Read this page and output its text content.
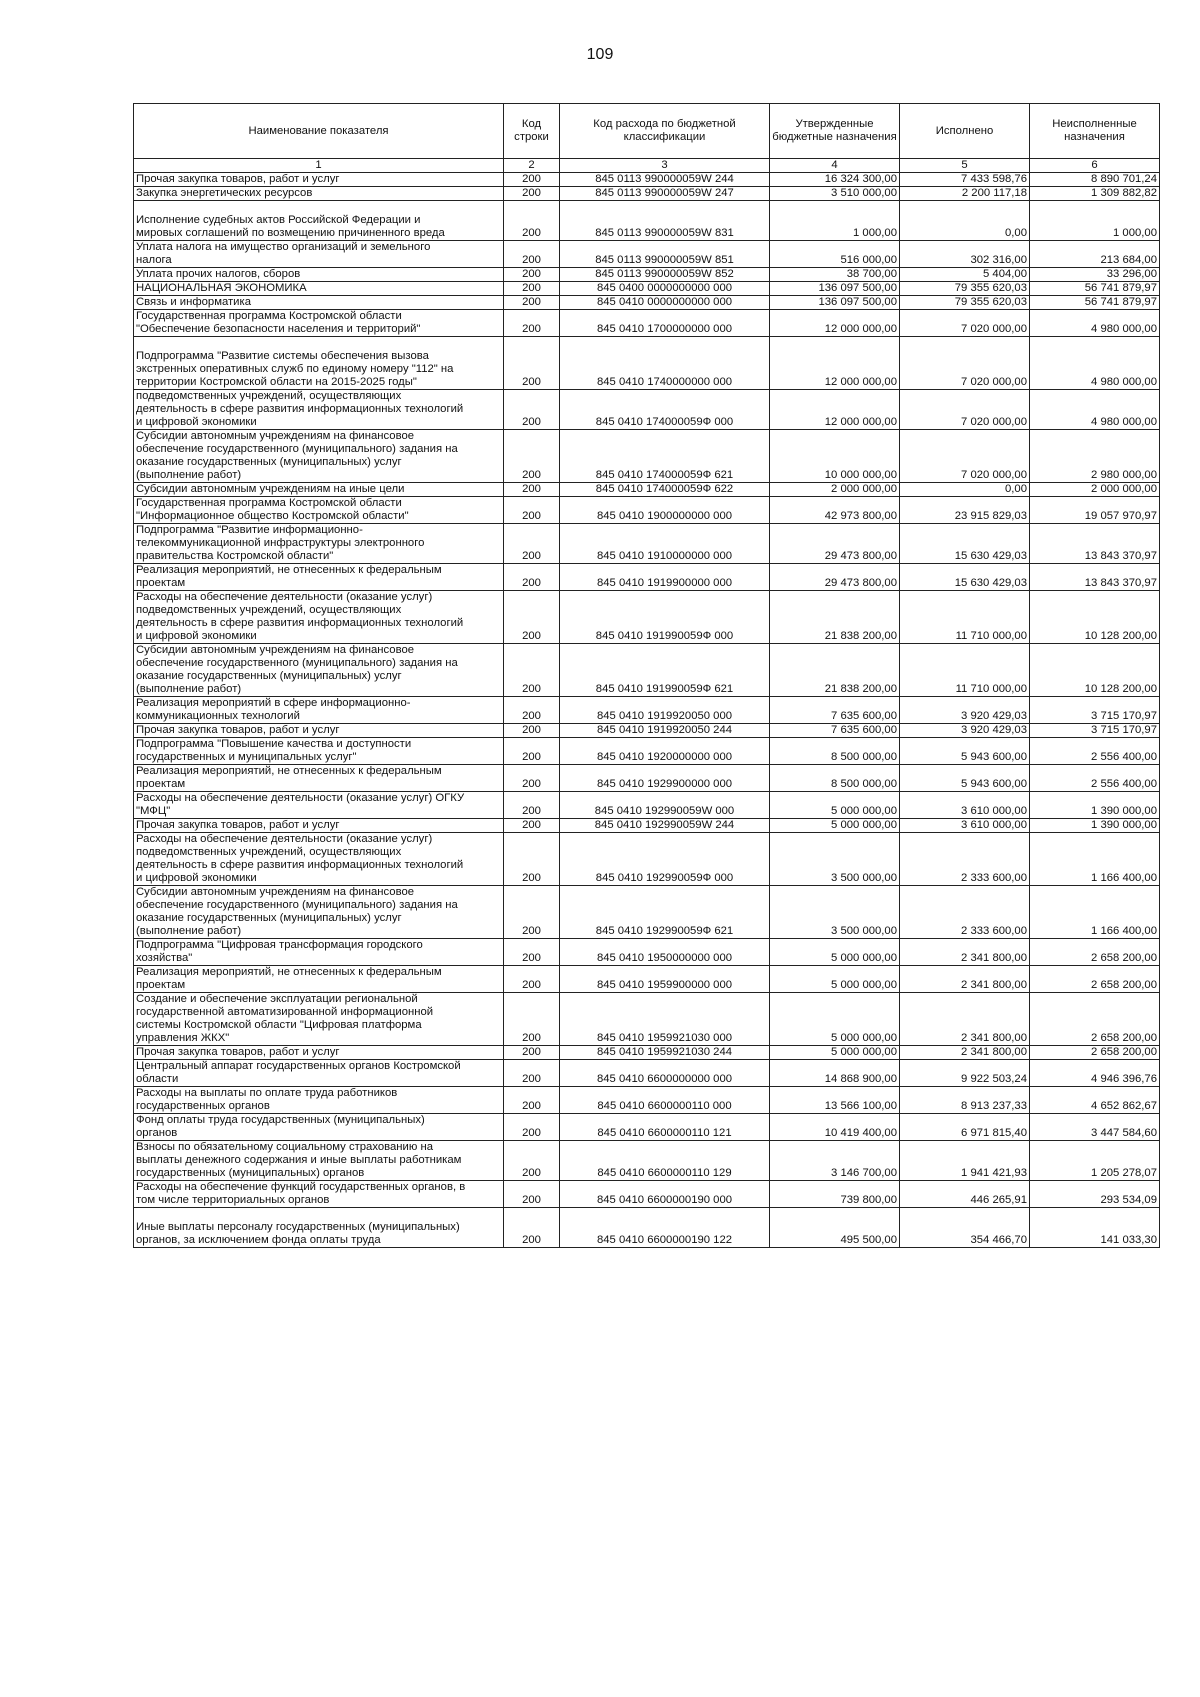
109
Наименование показателя	Код строки	Код расхода по бюджетной классификации	Утвержденные бюджетные назначения	Исполнено	Неисполненные назначения
1	2	3	4	5	6
Прочая закупка товаров, работ и услуг	200	845 0113 990000059W 244	16 324 300,00	7 433 598,76	8 890 701,24
Закупка энергетических ресурсов	200	845 0113 990000059W 247	3 510 000,00	2 200 117,18	1 309 882,82

Исполнение судебных актов Российской Федерации и
мировых соглашений по возмещению причиненного вреда	200	845 0113 990000059W 831	1 000,00	0,00	1 000,00
Уплата налога на имущество организаций и земельного
налога	200	845 0113 990000059W 851	516 000,00	302 316,00	213 684,00
Уплата прочих налогов, сборов	200	845 0113 990000059W 852	38 700,00	5 404,00	33 296,00
НАЦИОНАЛЬНАЯ ЭКОНОМИКА	200	845 0400 0000000000 000	136 097 500,00	79 355 620,03	56 741 879,97
Связь и информатика	200	845 0410 0000000000 000	136 097 500,00	79 355 620,03	56 741 879,97
Государственная программа Костромской области
"Обеспечение безопасности населения и территорий"	200	845 0410 1700000000 000	12 000 000,00	7 020 000,00	4 980 000,00

Подпрограмма "Развитие системы обеспечения вызова
экстренных оперативных служб по единому номеру "112" на
территории Костромской области на 2015-2025 годы"	200	845 0410 1740000000 000	12 000 000,00	7 020 000,00	4 980 000,00
подведомственных учреждений, осуществляющих
деятельность в сфере развития информационных технологий
и цифровой экономики	200	845 0410 174000059Ф 000	12 000 000,00	7 020 000,00	4 980 000,00
Субсидии автономным учреждениям на финансовое
обеспечение государственного (муниципального) задания на
оказание государственных (муниципальных) услуг
(выполнение работ)	200	845 0410 174000059Ф 621	10 000 000,00	7 020 000,00	2 980 000,00
Субсидии автономным учреждениям на иные цели	200	845 0410 174000059Ф 622	2 000 000,00	0,00	2 000 000,00
Государственная программа Костромской области
"Информационное общество Костромской области"	200	845 0410 1900000000 000	42 973 800,00	23 915 829,03	19 057 970,97
Подпрограмма "Развитие информационно-
телекоммуникационной инфраструктуры электронного
правительства Костромской области"	200	845 0410 1910000000 000	29 473 800,00	15 630 429,03	13 843 370,97
Реализация мероприятий, не отнесенных к федеральным
проектам	200	845 0410 1919900000 000	29 473 800,00	15 630 429,03	13 843 370,97
Расходы на обеспечение деятельности (оказание услуг)
подведомственных учреждений, осуществляющих
деятельность в сфере развития информационных технологий
и цифровой экономики	200	845 0410 191990059Ф 000	21 838 200,00	11 710 000,00	10 128 200,00
Субсидии автономным учреждениям на финансовое
обеспечение государственного (муниципального) задания на
оказание государственных (муниципальных) услуг
(выполнение работ)	200	845 0410 191990059Ф 621	21 838 200,00	11 710 000,00	10 128 200,00
Реализация мероприятий в сфере информационно-
коммуникационных технологий	200	845 0410 1919920050 000	7 635 600,00	3 920 429,03	3 715 170,97
Прочая закупка товаров, работ и услуг	200	845 0410 1919920050 244	7 635 600,00	3 920 429,03	3 715 170,97
Подпрограмма "Повышение качества и доступности
государственных и муниципальных услуг"	200	845 0410 1920000000 000	8 500 000,00	5 943 600,00	2 556 400,00
Реализация мероприятий, не отнесенных к федеральным
проектам	200	845 0410 1929900000 000	8 500 000,00	5 943 600,00	2 556 400,00
Расходы на обеспечение деятельности (оказание услуг) ОГКУ
"МФЦ"	200	845 0410 192990059W 000	5 000 000,00	3 610 000,00	1 390 000,00
Прочая закупка товаров, работ и услуг	200	845 0410 192990059W 244	5 000 000,00	3 610 000,00	1 390 000,00
Расходы на обеспечение деятельности (оказание услуг)
подведомственных учреждений, осуществляющих
деятельность в сфере развития информационных технологий
и цифровой экономики	200	845 0410 192990059Ф 000	3 500 000,00	2 333 600,00	1 166 400,00
Субсидии автономным учреждениям на финансовое
обеспечение государственного (муниципального) задания на
оказание государственных (муниципальных) услуг
(выполнение работ)	200	845 0410 192990059Ф 621	3 500 000,00	2 333 600,00	1 166 400,00
Подпрограмма "Цифровая трансформация городского
хозяйства"	200	845 0410 1950000000 000	5 000 000,00	2 341 800,00	2 658 200,00
Реализация мероприятий, не отнесенных к федеральным
проектам	200	845 0410 1959900000 000	5 000 000,00	2 341 800,00	2 658 200,00
Создание и обеспечение эксплуатации региональной
государственной автоматизированной информационной
системы Костромской области "Цифровая платформа
управления ЖКХ"	200	845 0410 1959921030 000	5 000 000,00	2 341 800,00	2 658 200,00
Прочая закупка товаров, работ и услуг	200	845 0410 1959921030 244	5 000 000,00	2 341 800,00	2 658 200,00
Центральный аппарат государственных органов Костромской
области	200	845 0410 6600000000 000	14 868 900,00	9 922 503,24	4 946 396,76
Расходы на выплаты по оплате труда работников
государственных органов	200	845 0410 6600000110 000	13 566 100,00	8 913 237,33	4 652 862,67
Фонд оплаты труда государственных (муниципальных)
органов	200	845 0410 6600000110 121	10 419 400,00	6 971 815,40	3 447 584,60
Взносы по обязательному социальному страхованию на
выплаты денежного содержания и иные выплаты работникам
государственных (муниципальных) органов	200	845 0410 6600000110 129	3 146 700,00	1 941 421,93	1 205 278,07
Расходы на обеспечение функций государственных органов, в
том числе территориальных органов	200	845 0410 6600000190 000	739 800,00	446 265,91	293 534,09

Иные выплаты персоналу государственных (муниципальных)
органов, за исключением фонда оплаты труда	200	845 0410 6600000190 122	495 500,00	354 466,70	141 033,30
